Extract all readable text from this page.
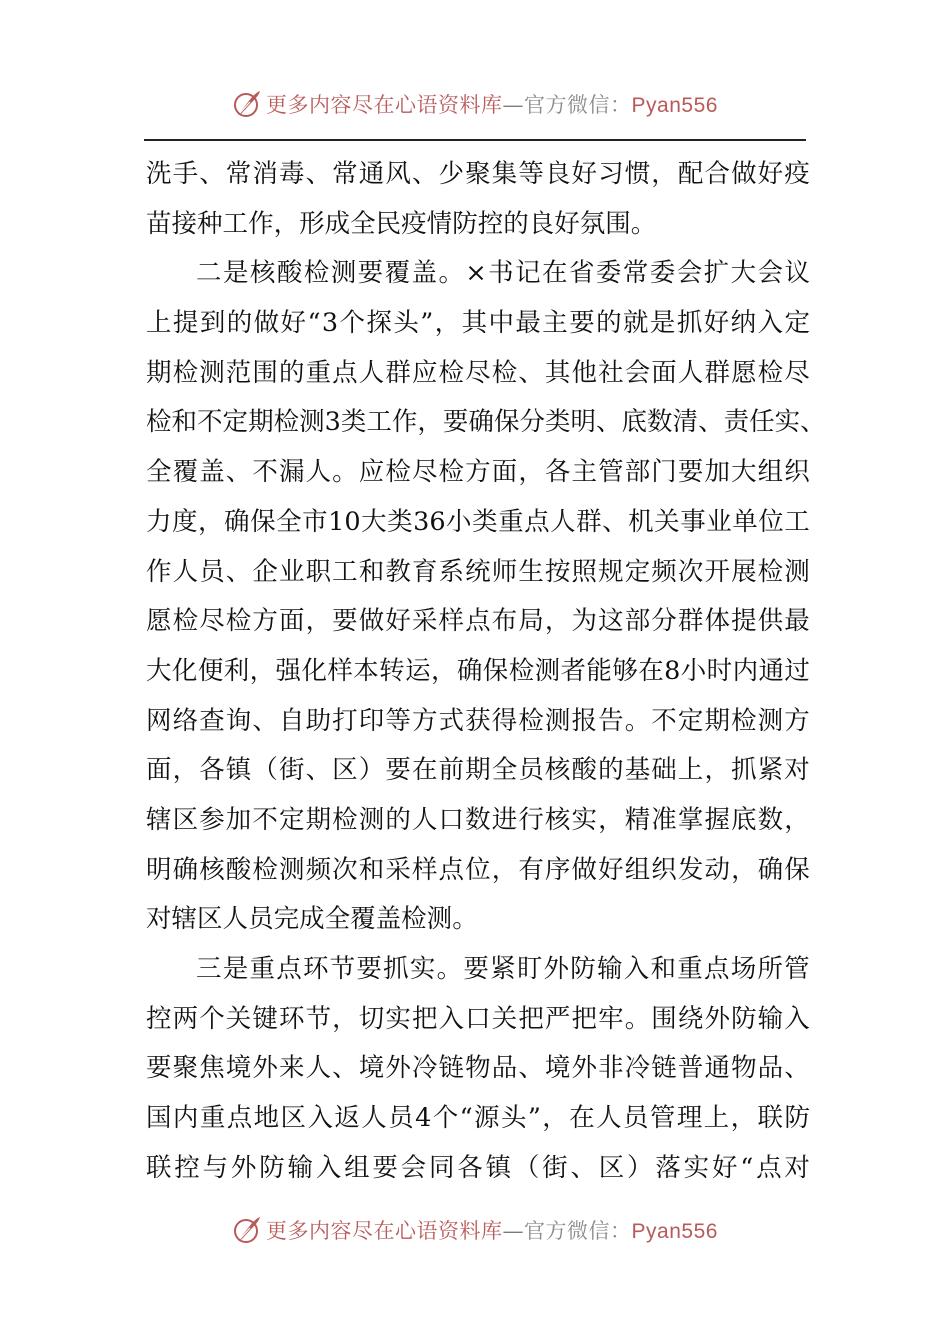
更多内容尽在心语资料库—官方微信：Pyan556
洗 手 、 常 消 毒 、 常 通 风 、 少 聚 集 等 良 好 习 惯 ， 配 合 做 好 疫
苗 接 种 工 作 ， 形 成 全 民 疫 情 防 控 的 良 好 氛 围 。
二 是 核 酸 检 测 要 覆 盖 。 × 书 记 在 省 委 常 委 会 扩 大 会 议
上 提 到 的 做 好 “ 3 个 探 头 ” ， 其 中 最 主 要 的 就 是 抓 好 纳 入 定
期 检 测 范 围 的 重 点 人 群 应 检 尽 检 、 其 他 社 会 面 人 群 愿 检 尽
检 和 不 定 期 检 测 3 类 工 作 ， 要 确 保 分 类 明 、 底 数 清 、 责 任 实 、
全 覆 盖 、 不 漏 人 。 应 检 尽 检 方 面 ， 各 主 管 部 门 要 加 大 组 织
力 度 ， 确 保 全 市 10 大 类 36 小 类 重 点 人 群 、 机 关 事 业 单 位 工
作 人 员 、 企 业 职 工 和 教 育 系 统 师 生 按 照 规 定 频 次 开 展 检 测
愿 检 尽 检 方 面 ， 要 做 好 采 样 点 布 局 ， 为 这 部 分 群 体 提 供 最
大 化 便 利 ， 强 化 样 本 转 运 ， 确 保 检 测 者 能 够 在 8 小 时 内 通 过
网 络 查 询 、 自 助 打 印 等 方 式 获 得 检 测 报 告 。 不 定 期 检 测 方
面 ， 各 镇 （ 街 、 区 ） 要 在 前 期 全 员 核 酸 的 基 础 上 ， 抓 紧 对
辖 区 参 加 不 定 期 检 测 的 人 口 数 进 行 核 实 ， 精 准 掌 握 底 数 ，
明 确 核 酸 检 测 频 次 和 采 样 点 位 ， 有 序 做 好 组 织 发 动 ， 确 保
对 辖 区 人 员 完 成 全 覆 盖 检 测 。
三 是 重 点 环 节 要 抓 实 。 要 紧 盯 外 防 输 入 和 重 点 场 所 管
控 两 个 关 键 环 节 ， 切 实 把 入 口 关 把 严 把 牢 。 围 绕 外 防 输 入
要 聚 焦 境 外 来 人 、 境 外 冷 链 物 品 、 境 外 非 冷 链 普 通 物 品 、
国 内 重 点 地 区 入 返 人 员 4 个 “ 源 头 ” ， 在 人 员 管 理 上 ， 联 防
联 控 与 外 防 输 入 组 要 会 同 各 镇 （ 街 、 区 ） 落 实 好 “ 点 对
更多内容尽在心语资料库—官方微信：Pyan556
